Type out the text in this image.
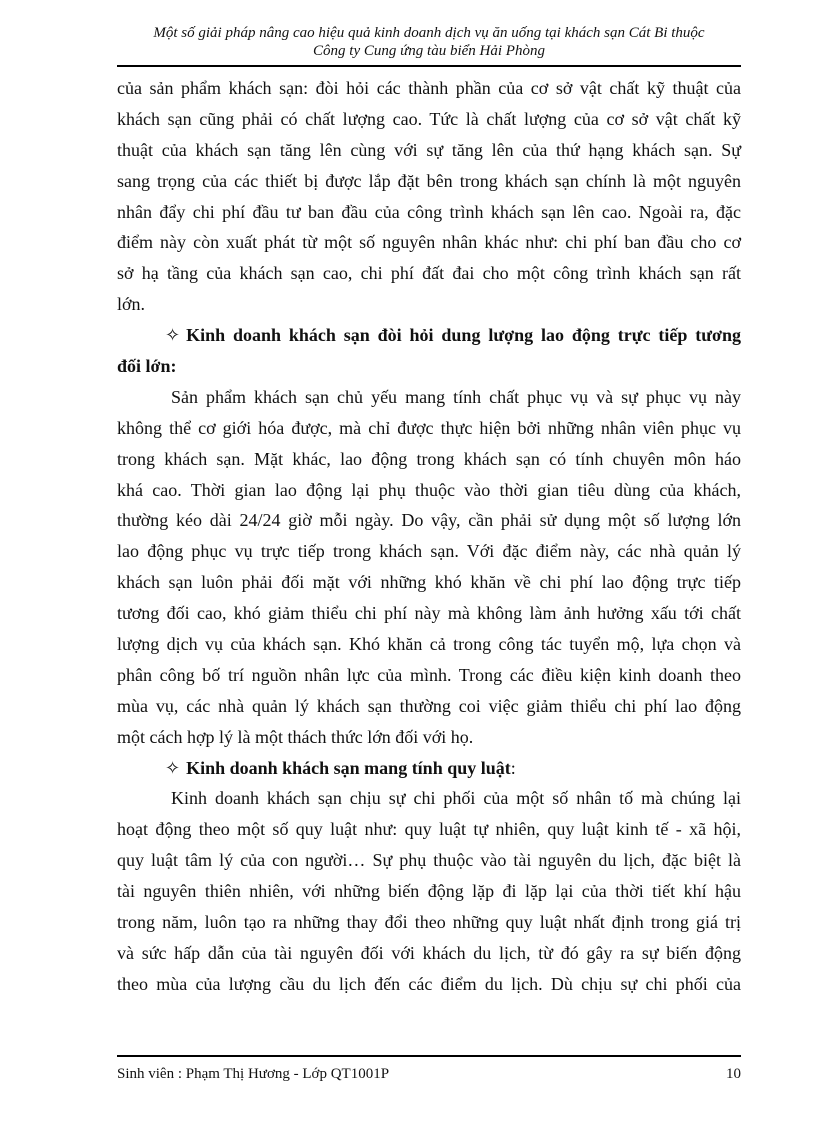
Một số giải pháp nâng cao hiệu quả kinh doanh dịch vụ ăn uống tại khách sạn Cát Bi thuộc
Công ty Cung ứng tàu biển Hải Phòng
của sản phẩm khách sạn: đòi hỏi các thành phần của cơ sở vật chất kỹ thuật của
khách sạn cũng phải có chất lượng cao. Tức là chất lượng của cơ sở vật chất kỹ
thuật của khách sạn tăng lên cùng với sự tăng lên của thứ hạng khách sạn. Sự
sang trọng của các thiết bị được lắp đặt bên trong khách sạn chính là một nguyên
nhân đẩy chi phí đầu tư ban đầu của công trình khách sạn lên cao. Ngoài ra, đặc
điểm này còn xuất phát từ một số nguyên nhân khác như: chi phí ban đầu cho cơ
sở hạ tầng của khách sạn cao, chi phí đất đai cho một công trình khách sạn rất
lớn.
✧ Kinh doanh khách sạn đòi hỏi dung lượng lao động trực tiếp tương
đối lớn:
Sản phẩm khách sạn chủ yếu mang tính chất phục vụ và sự phục vụ này
không thể cơ giới hóa được, mà chỉ được thực hiện bởi những nhân viên phục vụ
trong khách sạn. Mặt khác, lao động trong khách sạn có tính chuyên môn háo
khá cao. Thời gian lao động lại phụ thuộc vào thời gian tiêu dùng của khách,
thường kéo dài 24/24 giờ mỗi ngày. Do vậy, cần phải sử dụng một số lượng lớn
lao động phục vụ trực tiếp trong khách sạn. Với đặc điểm này, các nhà quản lý
khách sạn luôn phải đối mặt với những khó khăn về chi phí lao động trực tiếp
tương đối cao, khó giảm thiểu chi phí này mà không làm ảnh hưởng xấu tới chất
lượng dịch vụ của khách sạn. Khó khăn cả trong công tác tuyển mộ, lựa chọn và
phân công bố trí nguồn nhân lực của mình. Trong các điều kiện kinh doanh theo
mùa vụ, các nhà quản lý khách sạn thường coi việc giảm thiểu chi phí lao động
một cách hợp lý là một thách thức lớn đối với họ.
✧ Kinh doanh khách sạn mang tính quy luật:
Kinh doanh khách sạn chịu sự chi phối của một số nhân tố mà chúng lại
hoạt động theo một số quy luật như: quy luật tự nhiên, quy luật kinh tế - xã hội,
quy luật tâm lý của con người… Sự phụ thuộc vào tài nguyên du lịch, đặc biệt là
tài nguyên thiên nhiên, với những biến động lặp đi lặp lại của thời tiết khí hậu
trong năm, luôn tạo ra những thay đổi theo những quy luật nhất định trong giá trị
và sức hấp dẫn của tài nguyên đối với khách du lịch, từ đó gây ra sự biến động
theo mùa của lượng cầu du lịch đến các điểm du lịch. Dù chịu sự chi phối của
Sinh viên : Phạm Thị Hương - Lớp QT1001P	10
